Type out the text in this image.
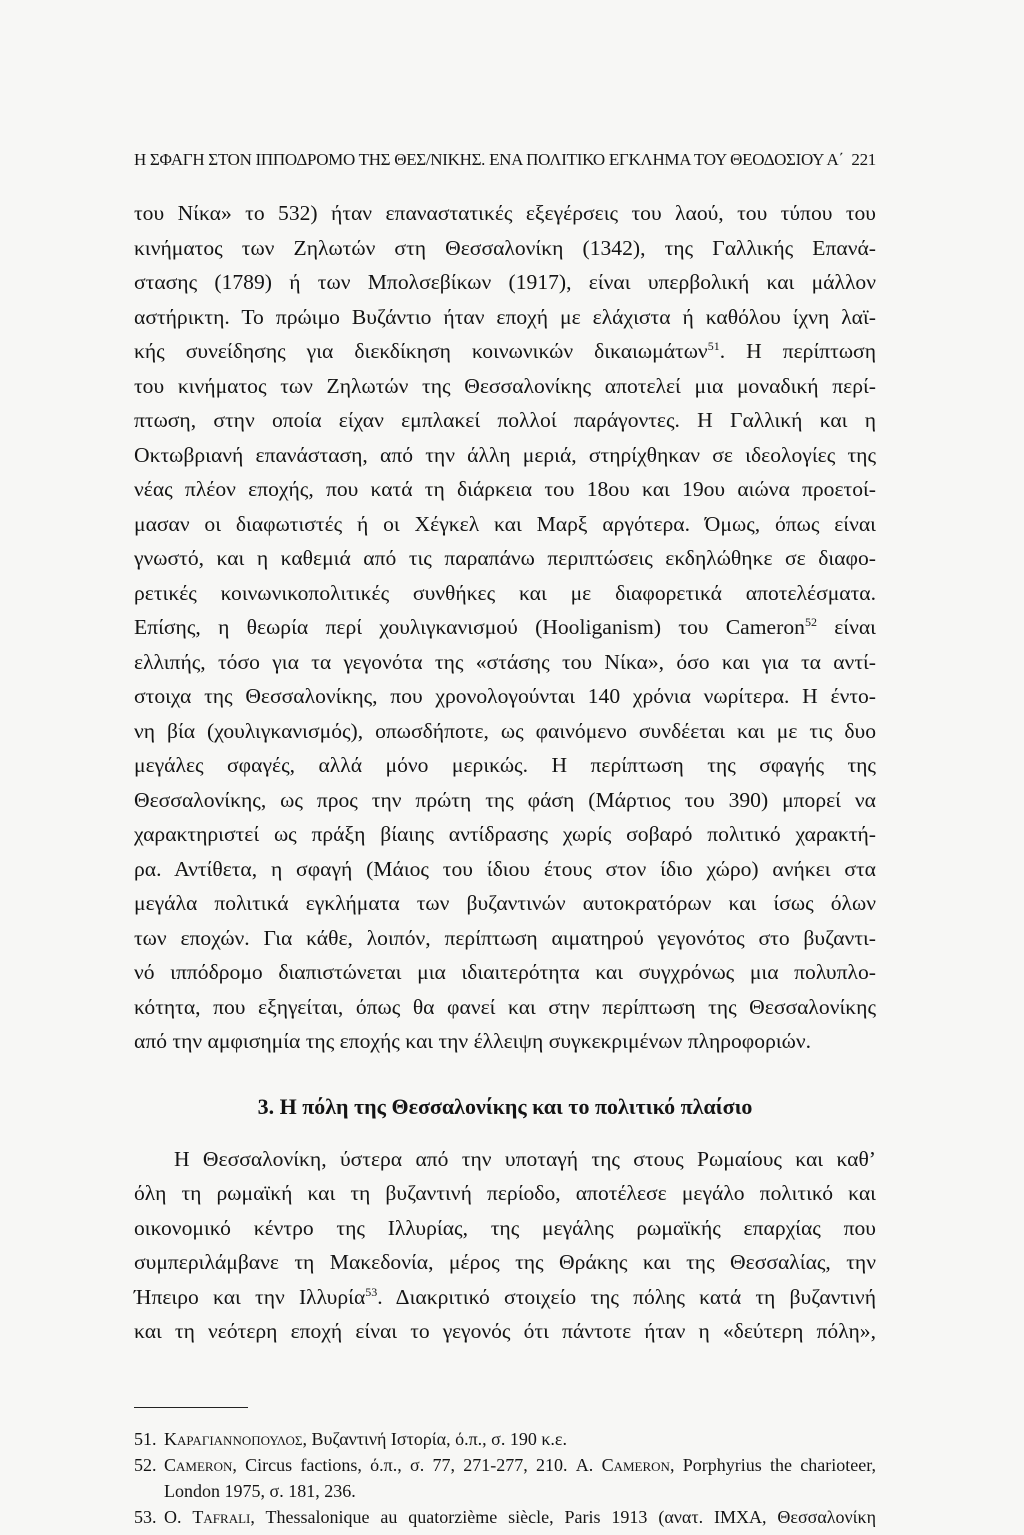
Η ΣΦΑΓΗ ΣΤΟΝ ΙΠΠΟΔΡΟΜΟ ΤΗΣ ΘΕΣ/ΝΙΚΗΣ. ΕΝΑ ΠΟΛΙΤΙΚΟ ΕΓΚΛΗΜΑ ΤΟΥ ΘΕΟΔΟΣΙΟΥ Α΄ 221

του Νίκα» το 532) ήταν επαναστατικές εξεγέρσεις του λαού, του τύπου του
κινήματος των Ζηλωτών στη Θεσσαλονίκη (1342), της Γαλλικής Επανά-
στασης (1789) ή των Μπολσεβίκων (1917), είναι υπερβολική και μάλλον
αστήρικτη. Το πρώιμο Βυζάντιο ήταν εποχή με ελάχιστα ή καθόλου ίχνη λαϊ-
κής συνείδησης για διεκδίκηση κοινωνικών δικαιωμάτων$^{51}$. Η περίπτωση
του κινήματος των Ζηλωτών της Θεσσαλονίκης αποτελεί μια μοναδική περί-
πτωση, στην οποία είχαν εμπλακεί πολλοί παράγοντες. Η Γαλλική και η
Οκτωβριανή επανάσταση, από την άλλη μεριά, στηρίχθηκαν σε ιδεολογίες της
νέας πλέον εποχής, που κατά τη διάρκεια του 18ου και 19ου αιώνα προετοί-
μασαν οι διαφωτιστές ή οι Χέγκελ και Μαρξ αργότερα. Όμως, όπως είναι
γνωστό, και η καθεμιά από τις παραπάνω περιπτώσεις εκδηλώθηκε σε διαφο-
ρετικές κοινωνικοπολιτικές συνθήκες και με διαφορετικά αποτελέσματα.
Επίσης, η θεωρία περί χουλιγκανισμού (Hooliganism) του Cameron$^{52}$ είναι
ελλιπής, τόσο για τα γεγονότα της «στάσης του Νίκα», όσο και για τα αντί-
στοιχα της Θεσσαλονίκης, που χρονολογούνται 140 χρόνια νωρίτερα. Η έντο-
νη βία (χουλιγκανισμός), οπωσδήποτε, ως φαινόμενο συνδέεται και με τις δυο
μεγάλες σφαγές, αλλά μόνο μερικώς. Η περίπτωση της σφαγής της
Θεσσαλονίκης, ως προς την πρώτη της φάση (Μάρτιος του 390) μπορεί να
χαρακτηριστεί ως πράξη βίαιης αντίδρασης χωρίς σοβαρό πολιτικό χαρακτή-
ρα. Αντίθετα, η σφαγή (Μάιος του ίδιου έτους στον ίδιο χώρο) ανήκει στα
μεγάλα πολιτικά εγκλήματα των βυζαντινών αυτοκρατόρων και ίσως όλων
των εποχών. Για κάθε, λοιπόν, περίπτωση αιματηρού γεγονότος στο βυζαντι-
νό ιππόδρομο διαπιστώνεται μια ιδιαιτερότητα και συγχρόνως μια πολυπλο-
κότητα, που εξηγείται, όπως θα φανεί και στην περίπτωση της Θεσσαλονίκης
από την αμφισημία της εποχής και την έλλειψη συγκεκριμένων πληροφοριών.

3. Η πόλη της Θεσσαλονίκης και το πολιτικό πλαίσιο

Η Θεσσαλονίκη, ύστερα από την υποταγή της στους Ρωμαίους και καθ’
όλη τη ρωμαϊκή και τη βυζαντινή περίοδο, αποτέλεσε μεγάλο πολιτικό και
οικονομικό κέντρο της Ιλλυρίας, της μεγάλης ρωμαϊκής επαρχίας που
συμπεριλάμβανε τη Μακεδονία, μέρος της Θράκης και της Θεσσαλίας, την
Ήπειρο και την Ιλλυρία$^{53}$. Διακριτικό στοιχείο της πόλης κατά τη βυζαντινή
και τη νεότερη εποχή είναι το γεγονός ότι πάντοτε ήταν η «δεύτερη πόλη»,

51. Καραγιαννοπουλος, Βυζαντινή Ιστορία, ό.π., σ. 190 κ.ε.
52. Cameron, Circus factions, ό.π., σ. 77, 271-277, 210. A. Cameron, Porphyrius the charioteer,
London 1975, σ. 181, 236.
53. O. Tafrali, Thessalonique au quatorzième siècle, Paris 1913 (ανατ. ΙΜΧΑ, Θεσσαλονίκη
